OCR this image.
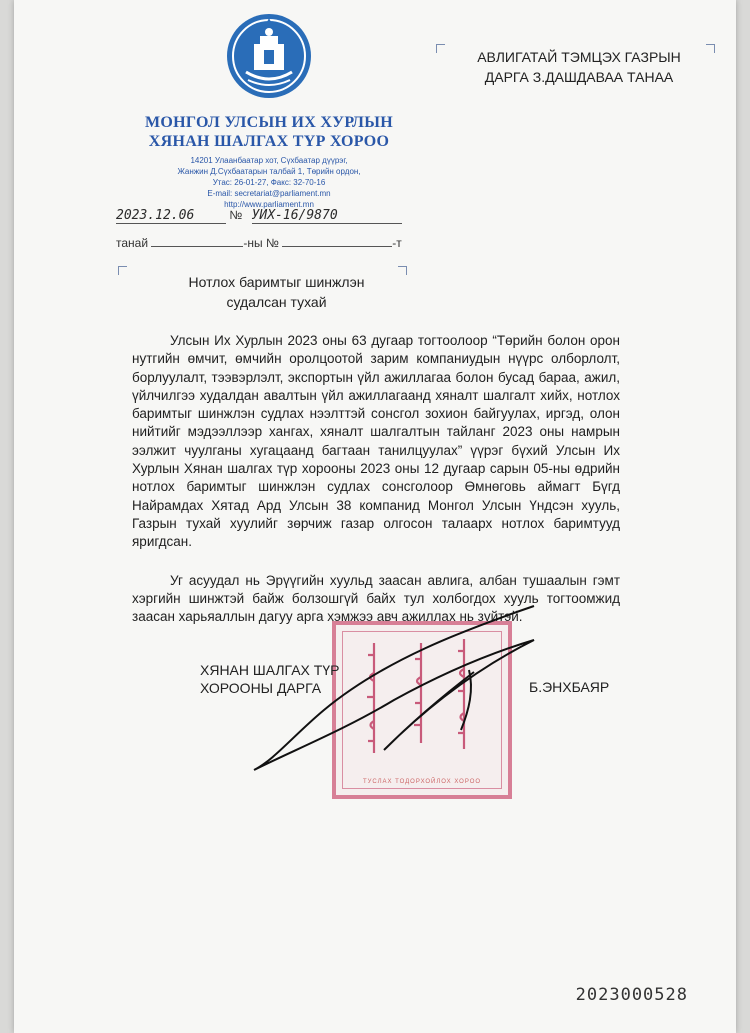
МОНГОЛ УЛСЫН ИХ ХУРЛЫН
ХЯНАН ШАЛГАХ ТҮР ХОРОО
14201 Улаанбаатар хот, Сүхбаатар дүүрэг,
Жанжин Д.Сүхбаатарын талбай 1, Төрийн ордон,
Утас: 26-01-27, Факс: 32-70-16
E-mail: secretariat@parliament.mn
http://www.parliament.mn
2023.12.06	№ УИХ-16/9870
танай	-ны №	-т
АВЛИГАТАЙ ТЭМЦЭХ ГАЗРЫН
ДАРГА З.ДАШДАВАА ТАНАА
Нотлох баримтыг шинжлэн
судалсан тухай

Улсын Их Хурлын 2023 оны 63 дугаар тогтоолоор “Төрийн болон орон нутгийн өмчит, өмчийн оролцоотой зарим компаниудын нүүрс олборлолт, борлуулалт, тээвэрлэлт, экспортын үйл ажиллагаа болон бусад бараа, ажил, үйлчилгээ худалдан авалтын үйл ажиллагаанд хяналт шалгалт хийх, нотлох баримтыг шинжлэн судлах нээлттэй сонсгол зохион байгуулах, иргэд, олон нийтийг мэдээллээр хангах, хяналт шалгалтын тайланг 2023 оны намрын ээлжит чуулганы хугацаанд багтаан танилцуулах” үүрэг бүхий Улсын Их Хурлын Хянан шалгах түр хорооны 2023 оны 12 дугаар сарын 05-ны өдрийн нотлох баримтыг шинжлэн судлах сонсголоор Өмнөговь аймагт Бүгд Найрамдах Хятад Ард Улсын 38 компанид Монгол Улсын Үндсэн хууль, Газрын тухай хуулийг зөрчиж газар олгосон талаарх нотлох баримтууд яригдсан.

Уг асуудал нь Эрүүгийн хуульд заасан авлига, албан тушаалын гэмт хэргийн шинжтэй байж болзошгүй байх тул холбогдох хууль тогтоомжид заасан харьяаллын дагуу арга хэмжээ авч ажиллах нь зүйтэй.

ТУСЛАХ ТОДОРХОЙЛОХ ХОРОО
ХЯНАН ШАЛГАХ ТҮР
ХОРООНЫ ДАРГА	Б.ЭНХБАЯР
2023000528
